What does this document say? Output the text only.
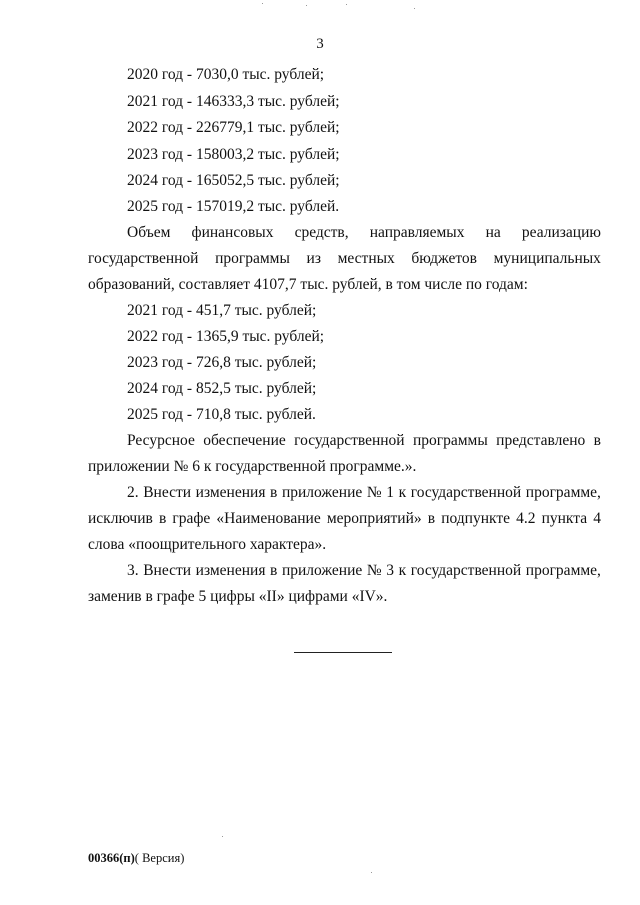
3
2020 год - 7030,0 тыс. рублей;
2021 год - 146333,3 тыс. рублей;
2022 год - 226779,1 тыс. рублей;
2023 год - 158003,2 тыс. рублей;
2024 год - 165052,5 тыс. рублей;
2025 год - 157019,2 тыс. рублей.
Объем финансовых средств, направляемых на реализацию
государственной программы из местных бюджетов муниципальных
образований, составляет 4107,7 тыс. рублей, в том числе по годам:
2021 год - 451,7 тыс. рублей;
2022 год - 1365,9 тыс. рублей;
2023 год - 726,8 тыс. рублей;
2024 год - 852,5 тыс. рублей;
2025 год - 710,8 тыс. рублей.
Ресурсное обеспечение государственной программы представлено в
приложении № 6 к государственной программе.».
2. Внести изменения в приложение № 1 к государственной программе,
исключив в графе «Наименование мероприятий» в подпункте 4.2 пункта 4
слова «поощрительного характера».
3. Внести изменения в приложение № 3 к государственной программе,
заменив в графе 5 цифры «II» цифрами «IV».
00366(п)( Версия)
